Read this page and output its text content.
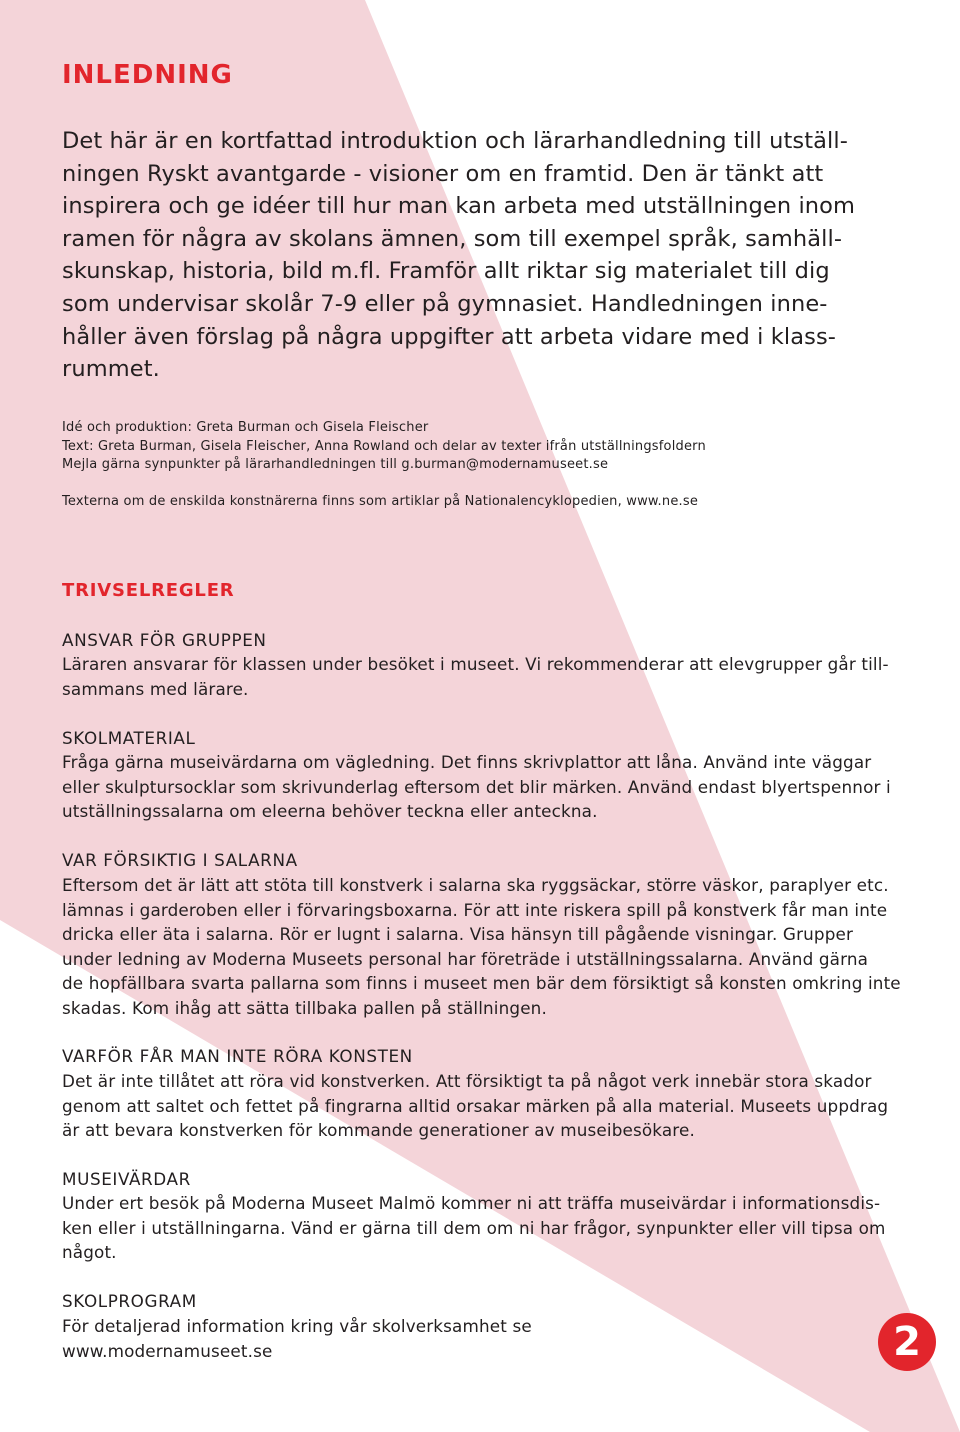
INLEDNING
Det här är en kortfattad introduktion och lärarhandledning till utställ-
ningen Ryskt avantgarde - visioner om en framtid. Den är tänkt att
inspirera och ge idéer till hur man kan arbeta med utställningen inom
ramen för några av skolans ämnen, som till exempel språk, samhäll-
skunskap, historia, bild m.fl. Framför allt riktar sig materialet till dig
som undervisar skolår 7-9 eller på gymnasiet. Handledningen inne-
håller även förslag på några uppgifter att arbeta vidare med i klass-
rummet.
Idé och produktion: Greta Burman och Gisela Fleischer
Text: Greta Burman, Gisela Fleischer, Anna Rowland och delar av texter ifrån utställningsfoldern
Mejla gärna synpunkter på lärarhandledningen till g.burman@modernamuseet.se
Texterna om de enskilda konstnärerna finns som artiklar på Nationalencyklopedien, www.ne.se
TRIVSELREGLER
ANSVAR FÖR GRUPPEN
Läraren ansvarar för klassen under besöket i museet. Vi rekommenderar att elevgrupper går till-
sammans med lärare.
SKOLMATERIAL
Fråga gärna museivärdarna om vägledning. Det finns skrivplattor att låna. Använd inte väggar
eller skulptursocklar som skrivunderlag eftersom det blir märken. Använd endast blyertspennor i
utställningssalarna om eleerna behöver teckna eller anteckna.
VAR FÖRSIKTIG I SALARNA
Eftersom det är lätt att stöta till konstverk i salarna ska ryggsäckar, större väskor, paraplyer etc.
lämnas i garderoben eller i förvaringsboxarna. För att inte riskera spill på konstverk får man inte
dricka eller äta i salarna. Rör er lugnt i salarna. Visa hänsyn till pågående visningar. Grupper
under ledning av Moderna Museets personal har företräde i utställningssalarna. Använd gärna
de hopfällbara svarta pallarna som finns i museet men bär dem försiktigt så konsten omkring inte
skadas. Kom ihåg att sätta tillbaka pallen på ställningen.
VARFÖR FÅR MAN INTE RÖRA KONSTEN
Det är inte tillåtet att röra vid konstverken. Att försiktigt ta på något verk innebär stora skador
genom att saltet och fettet på fingrarna alltid orsakar märken på alla material. Museets uppdrag
är att bevara konstverken för kommande generationer av museibesökare.
MUSEIVÄRDAR
Under ert besök på Moderna Museet Malmö kommer ni att träffa museivärdar i informationsdis-
ken eller i utställningarna. Vänd er gärna till dem om ni har frågor, synpunkter eller vill tipsa om
något.
SKOLPROGRAM
För detaljerad information kring vår skolverksamhet se
www.modernamuseet.se	2
